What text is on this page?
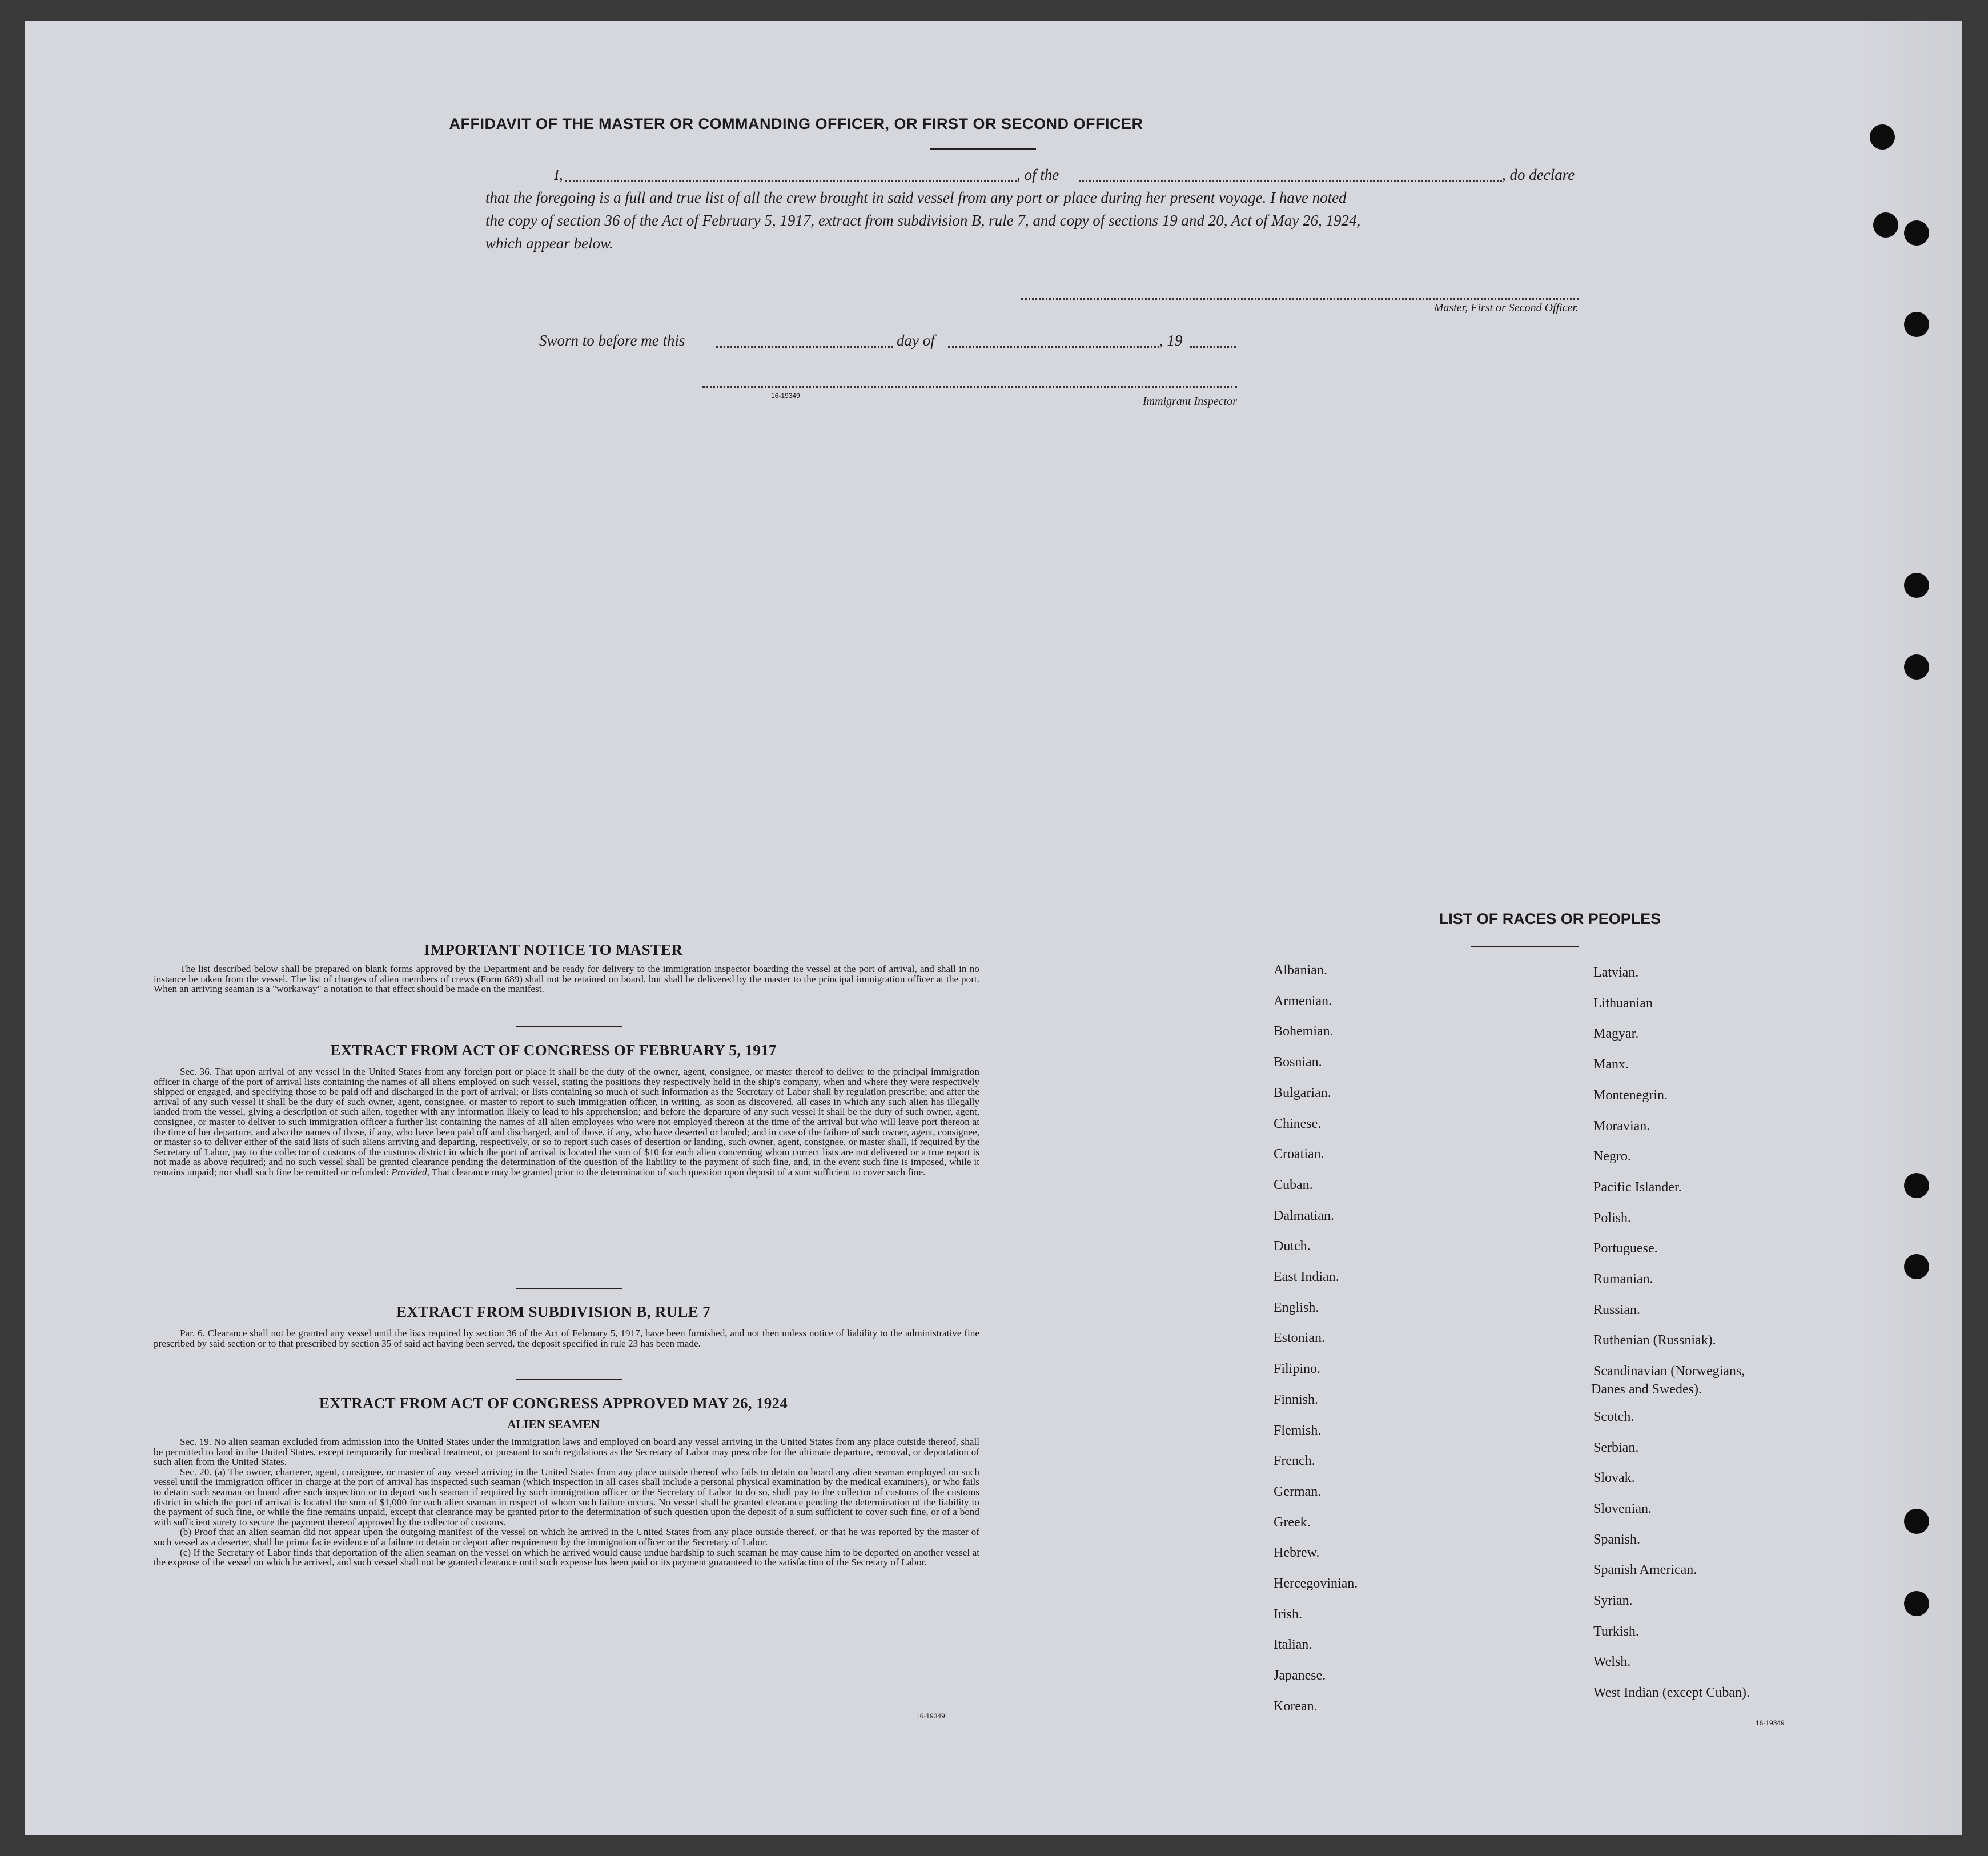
AFFIDAVIT OF THE MASTER OR COMMANDING OFFICER, OR FIRST OR SECOND OFFICER
I,	, of the	, do declare
that the foregoing is a full and true list of all the crew brought in said vessel from any port or place during her present voyage. I have noted
the copy of section 36 of the Act of February 5, 1917, extract from subdivision B, rule 7, and copy of sections 19 and 20, Act of May 26, 1924,
which appear below.
Master, First or Second Officer.
Sworn to before me this	day of	, 19
16-19349	Immigrant Inspector
IMPORTANT NOTICE TO MASTER
The list described below shall be prepared on blank forms approved by the Department and be ready for delivery to the immigration inspector boarding the vessel at the port of arrival, and shall in no instance be taken from the vessel. The list of changes of alien members of crews (Form 689) shall not be retained on board, but shall be delivered by the master to the principal immigration officer at the port. When an arriving seaman is a "workaway" a notation to that effect should be made on the manifest.
EXTRACT FROM ACT OF CONGRESS OF FEBRUARY 5, 1917
Sec. 36. That upon arrival of any vessel in the United States from any foreign port or place it shall be the duty of the owner, agent, consignee, or master thereof to deliver to the principal immigration officer in charge of the port of arrival lists containing the names of all aliens employed on such vessel, stating the positions they respectively hold in the ship's company, when and where they were respectively shipped or engaged, and specifying those to be paid off and discharged in the port of arrival; or lists containing so much of such information as the Secretary of Labor shall by regulation prescribe; and after the arrival of any such vessel it shall be the duty of such owner, agent, consignee, or master to report to such immigration officer, in writing, as soon as discovered, all cases in which any such alien has illegally landed from the vessel, giving a description of such alien, together with any information likely to lead to his apprehension; and before the departure of any such vessel it shall be the duty of such owner, agent, consignee, or master to deliver to such immigration officer a further list containing the names of all alien employees who were not employed thereon at the time of the arrival but who will leave port thereon at the time of her departure, and also the names of those, if any, who have been paid off and discharged, and of those, if any, who have deserted or landed; and in case of the failure of such owner, agent, consignee, or master so to deliver either of the said lists of such aliens arriving and departing, respectively, or so to report such cases of desertion or landing, such owner, agent, consignee, or master shall, if required by the Secretary of Labor, pay to the collector of customs of the customs district in which the port of arrival is located the sum of $10 for each alien concerning whom correct lists are not delivered or a true report is not made as above required; and no such vessel shall be granted clearance pending the determination of the question of the liability to the payment of such fine, and, in the event such fine is imposed, while it remains unpaid; nor shall such fine be remitted or refunded: Provided, That clearance may be granted prior to the determination of such question upon deposit of a sum sufficient to cover such fine.
EXTRACT FROM SUBDIVISION B, RULE 7
Par. 6. Clearance shall not be granted any vessel until the lists required by section 36 of the Act of February 5, 1917, have been furnished, and not then unless notice of liability to the administrative fine prescribed by said section or to that prescribed by section 35 of said act having been served, the deposit specified in rule 23 has been made.
EXTRACT FROM ACT OF CONGRESS APPROVED MAY 26, 1924
ALIEN SEAMEN

Sec. 19. No alien seaman excluded from admission into the United States under the immigration laws and employed on board any vessel arriving in the United States from any place outside thereof, shall be permitted to land in the United States, except temporarily for medical treatment, or pursuant to such regulations as the Secretary of Labor may prescribe for the ultimate departure, removal, or deportation of such alien from the United States.

Sec. 20. (a) The owner, charterer, agent, consignee, or master of any vessel arriving in the United States from any place outside thereof who fails to detain on board any alien seaman employed on such vessel until the immigration officer in charge at the port of arrival has inspected such seaman (which inspection in all cases shall include a personal physical examination by the medical examiners), or who fails to detain such seaman on board after such inspection or to deport such seaman if required by such immigration officer or the Secretary of Labor to do so, shall pay to the collector of customs of the customs district in which the port of arrival is located the sum of $1,000 for each alien seaman in respect of whom such failure occurs. No vessel shall be granted clearance pending the determination of the liability to the payment of such fine, or while the fine remains unpaid, except that clearance may be granted prior to the determination of such question upon the deposit of a sum sufficient to cover such fine, or of a bond with sufficient surety to secure the payment thereof approved by the collector of customs.

(b) Proof that an alien seaman did not appear upon the outgoing manifest of the vessel on which he arrived in the United States from any place outside thereof, or that he was reported by the master of such vessel as a deserter, shall be prima facie evidence of a failure to detain or deport after requirement by the immigration officer or the Secretary of Labor.

(c) If the Secretary of Labor finds that deportation of the alien seaman on the vessel on which he arrived would cause undue hardship to such seaman he may cause him to be deported on another vessel at the expense of the vessel on which he arrived, and such vessel shall not be granted clearance until such expense has been paid or its payment guaranteed to the satisfaction of the Secretary of Labor.

16-19349
LIST OF RACES OR PEOPLES
Albanian.
Armenian.
Bohemian.
Bosnian.
Bulgarian.
Chinese.
Croatian.
Cuban.
Dalmatian.
Dutch.
East Indian.
English.
Estonian.
Filipino.
Finnish.
Flemish.
French.
German.
Greek.
Hebrew.
Hercegovinian.
Irish.
Italian.
Japanese.
Korean.
Latvian.
Lithuanian
Magyar.
Manx.
Montenegrin.
Moravian.
Negro.
Pacific Islander.
Polish.
Portuguese.
Rumanian.
Russian.
Ruthenian (Russniak).
Scandinavian (Norwegians,
Scotch.
Serbian.
Slovak.
Slovenian.
Spanish.
Spanish American.
Syrian.
Turkish.
Welsh.
West Indian (except Cuban).
Danes and Swedes).
16-19349
